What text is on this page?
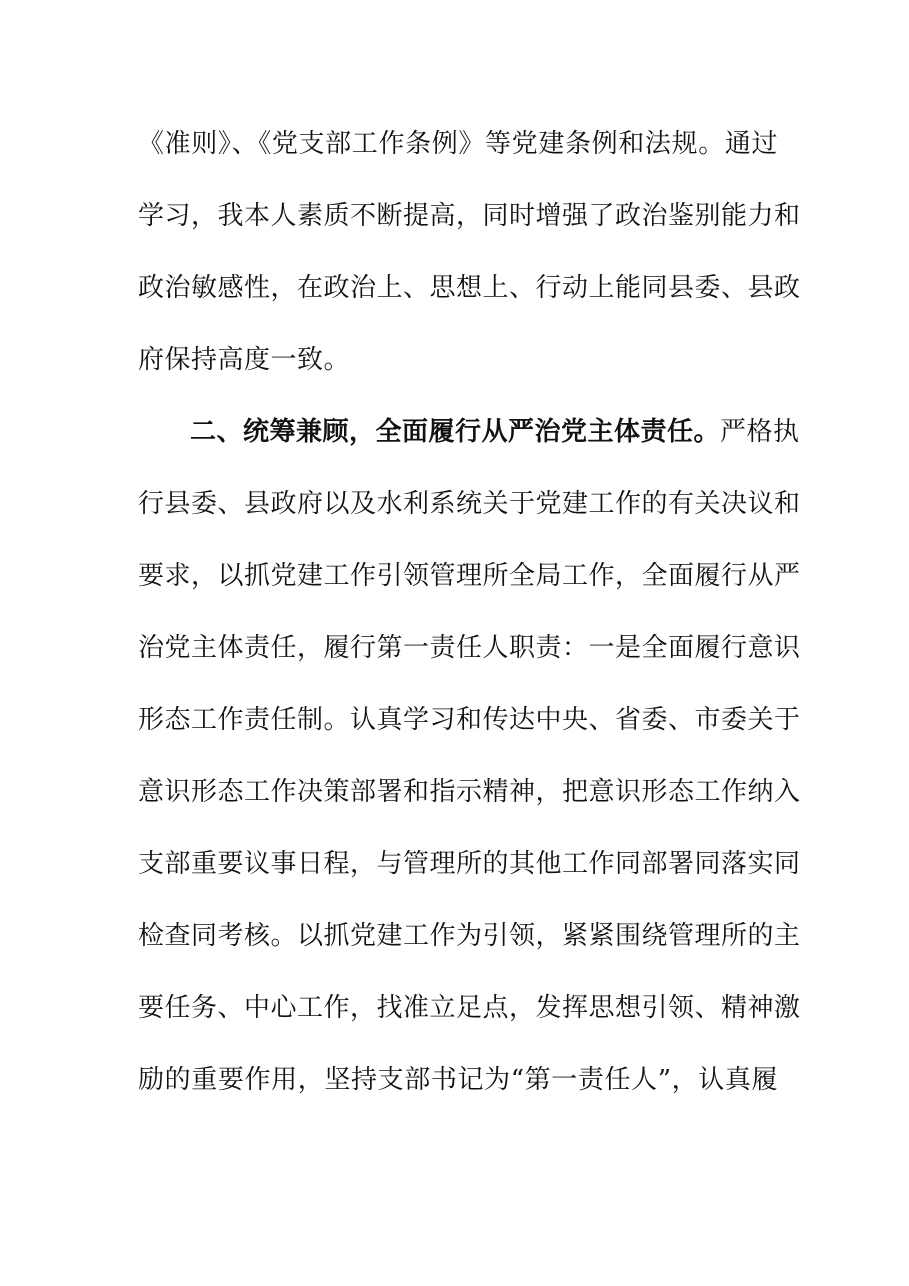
《准则》、《党支部工作条例》等党建条例和法规。通过
学习，我本人素质不断提高，同时增强了政治鉴别能力和
政治敏感性，在政治上、思想上、行动上能同县委、县政
府保持高度一致。
二、统筹兼顾，全面履行从严治党主体责任。严格执
行县委、县政府以及水利系统关于党建工作的有关决议和
要求，以抓党建工作引领管理所全局工作，全面履行从严
治党主体责任，履行第一责任人职责：一是全面履行意识
形态工作责任制。认真学习和传达中央、省委、市委关于
意识形态工作决策部署和指示精神，把意识形态工作纳入
支部重要议事日程，与管理所的其他工作同部署同落实同
检查同考核。以抓党建工作为引领，紧紧围绕管理所的主
要任务、中心工作，找准立足点，发挥思想引领、精神激
励的重要作用，坚持支部书记为“第一责任人”，认真履
